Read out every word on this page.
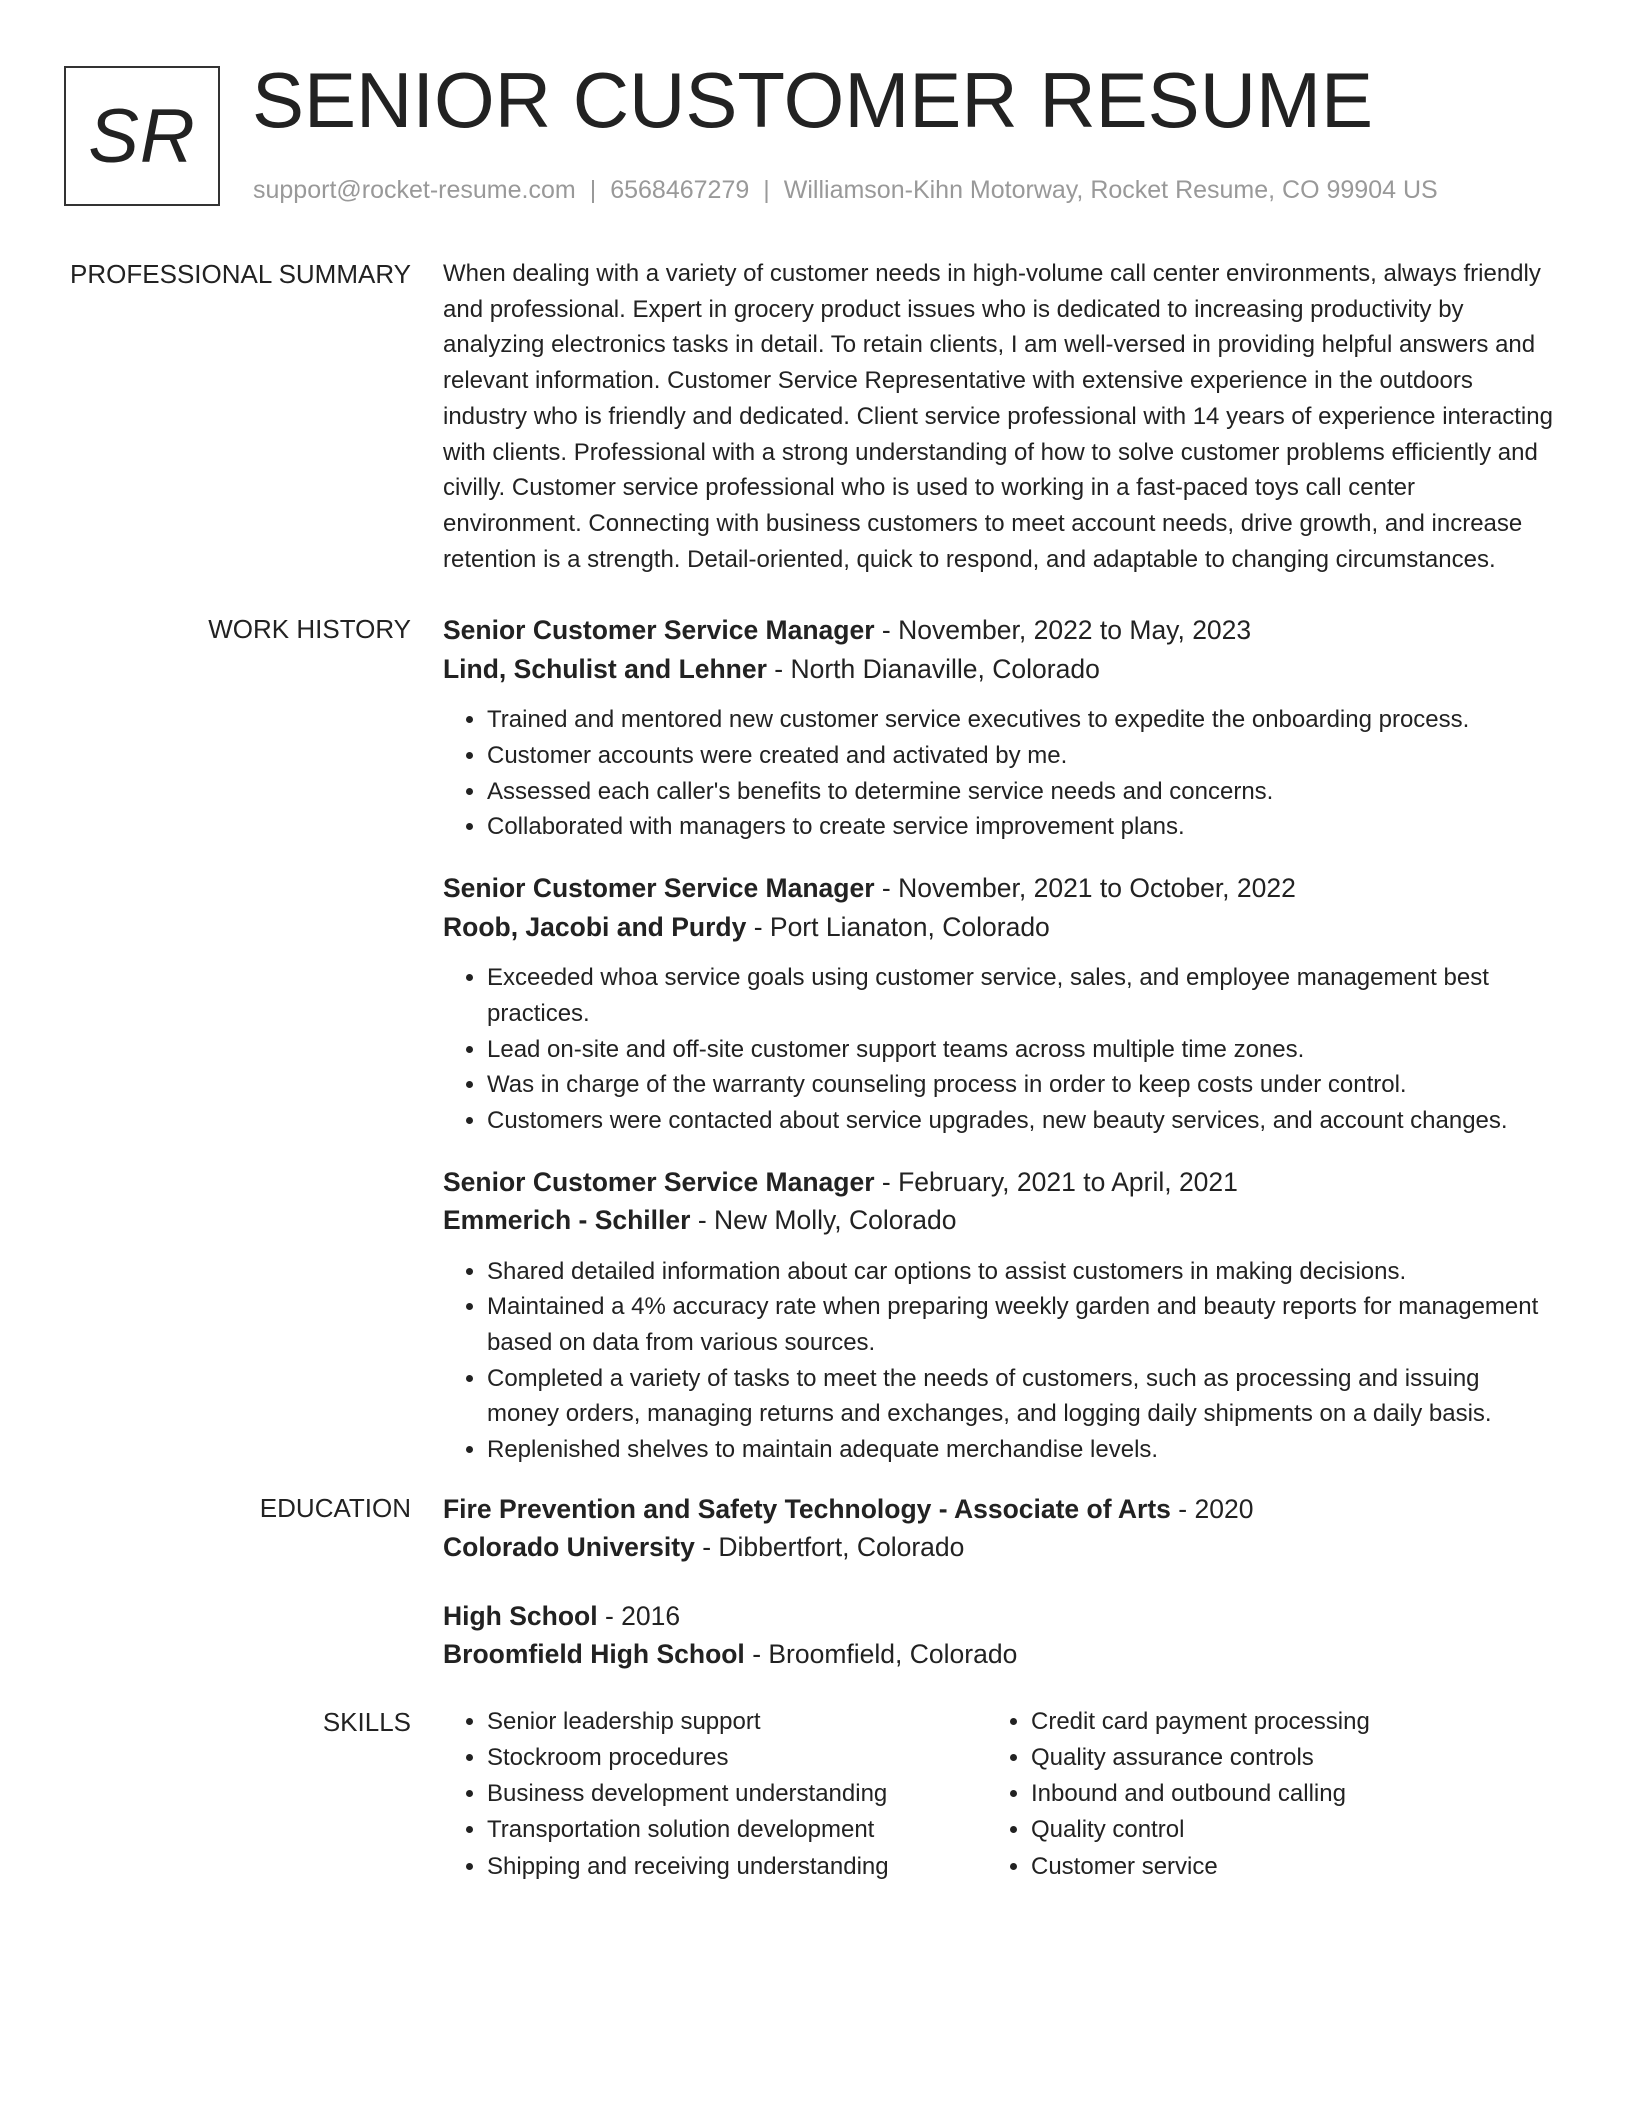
SR SENIOR CUSTOMER RESUME
support@rocket-resume.com | 6568467279 | Williamson-Kihn Motorway, Rocket Resume, CO 99904 US
PROFESSIONAL SUMMARY When dealing with a variety of customer needs in high-volume call center environments, always friendly and professional. Expert in grocery product issues who is dedicated to increasing productivity by analyzing electronics tasks in detail. To retain clients, I am well-versed in providing helpful answers and relevant information. Customer Service Representative with extensive experience in the outdoors industry who is friendly and dedicated. Client service professional with 14 years of experience interacting with clients. Professional with a strong understanding of how to solve customer problems efficiently and civilly. Customer service professional who is used to working in a fast-paced toys call center environment. Connecting with business customers to meet account needs, drive growth, and increase retention is a strength. Detail-oriented, quick to respond, and adaptable to changing circumstances.

WORK HISTORY Senior Customer Service Manager - November, 2022 to May, 2023
Lind, Schulist and Lehner - North Dianaville, Colorado
• Trained and mentored new customer service executives to expedite the onboarding process.
• Customer accounts were created and activated by me.
• Assessed each caller's benefits to determine service needs and concerns.
• Collaborated with managers to create service improvement plans.
Senior Customer Service Manager - November, 2021 to October, 2022
Roob, Jacobi and Purdy - Port Lianaton, Colorado
• Exceeded whoa service goals using customer service, sales, and employee management best practices.
• Lead on-site and off-site customer support teams across multiple time zones.
• Was in charge of the warranty counseling process in order to keep costs under control.
• Customers were contacted about service upgrades, new beauty services, and account changes.
Senior Customer Service Manager - February, 2021 to April, 2021
Emmerich - Schiller - New Molly, Colorado
• Shared detailed information about car options to assist customers in making decisions.
• Maintained a 4% accuracy rate when preparing weekly garden and beauty reports for management based on data from various sources.
• Completed a variety of tasks to meet the needs of customers, such as processing and issuing money orders, managing returns and exchanges, and logging daily shipments on a daily basis.
• Replenished shelves to maintain adequate merchandise levels.
EDUCATION Fire Prevention and Safety Technology - Associate of Arts - 2020
Colorado University - Dibbertfort, Colorado
High School - 2016
Broomfield High School - Broomfield, Colorado
SKILLS
•	Senior leadership support
• Stockroom procedures
• Business development understanding
• Transportation solution development
• Shipping and receiving understanding
• Credit card payment processing
• Quality assurance controls
• Inbound and outbound calling
• Quality control
• Customer service
